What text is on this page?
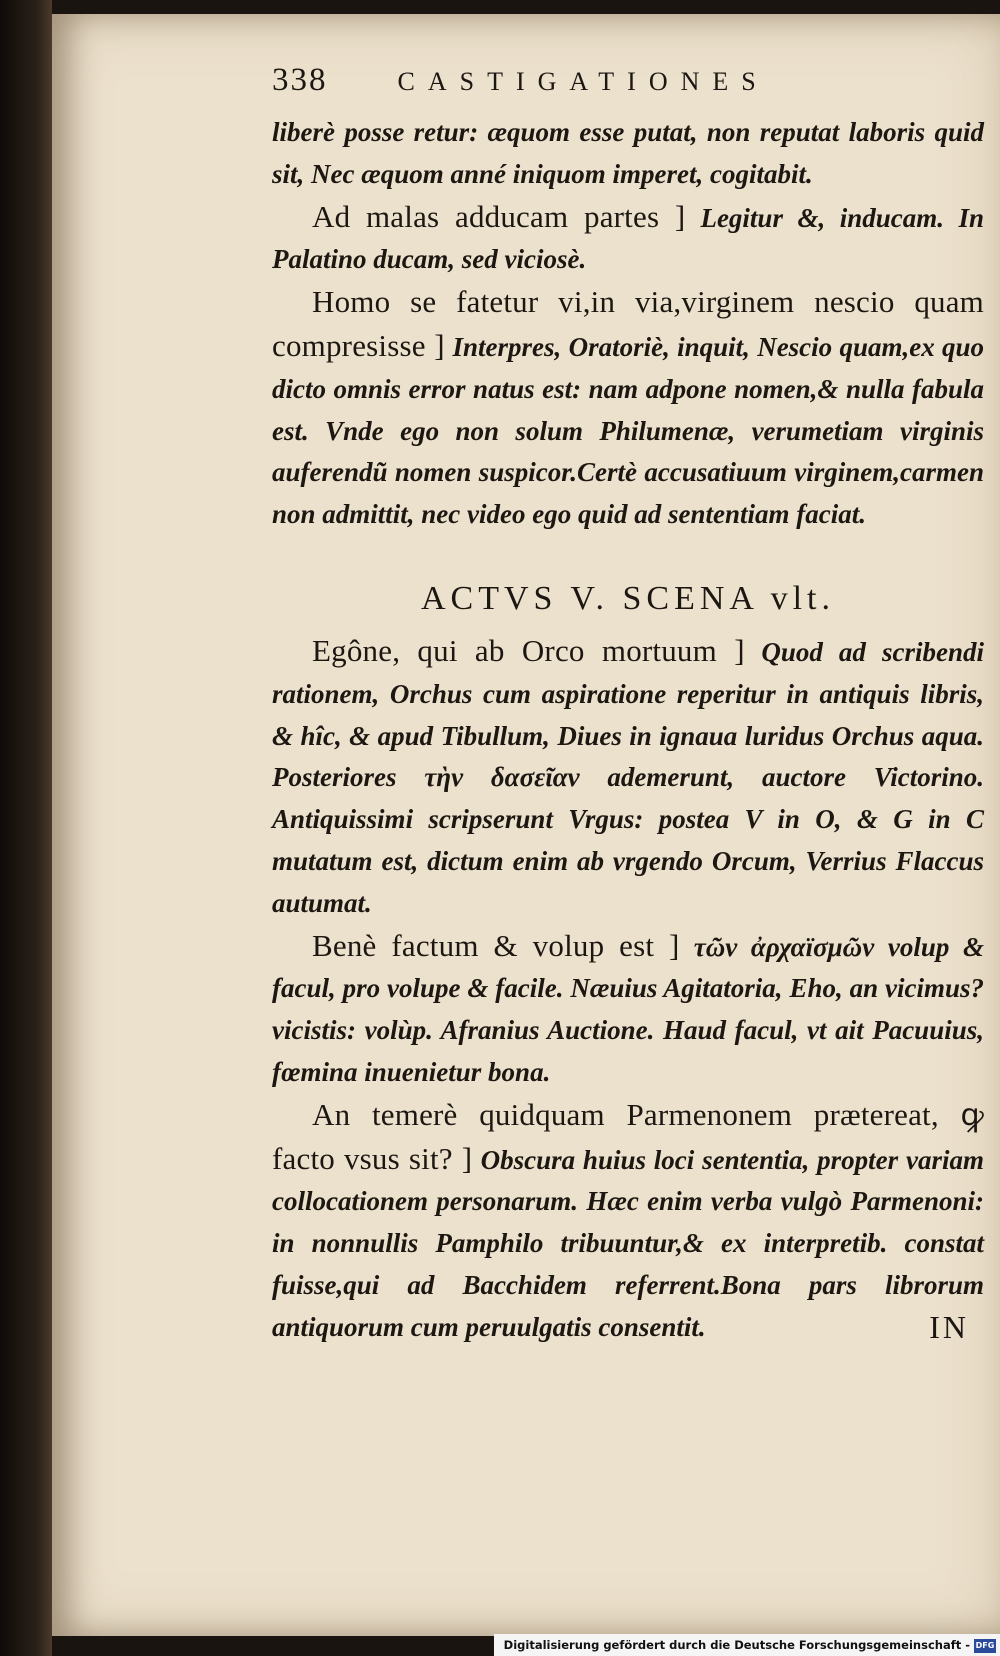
338	CASTIGATIONES

liberè posse retur: æquom esse putat, non reputat laboris quid sit, Nec æquom anné iniquom imperet, cogitabit.

Ad malas adducam partes ] Legitur &, inducam. In Palatino ducam, sed viciosè.

Homo se fatetur vi,in via,virginem nescio quam compresisse ] Interpres, Oratoriè, inquit, Nescio quam,ex quo dicto omnis error natus est: nam adpone nomen,& nulla fabula est. Vnde ego non solum Philumenæ, verumetiam virginis auferendũ nomen suspicor.Certè accusatiuum virginem,carmen non admittit, nec video ego quid ad sententiam faciat.

ACTVS V. SCENA vlt.

Egône, qui ab Orco mortuum ] Quod ad scribendi rationem, Orchus cum aspiratione reperitur in antiquis libris, & hîc, & apud Tibullum, Diues in ignaua luridus Orchus aqua. Posteriores τὴν δασεῖαν ademerunt, auctore Victorino. Antiquissimi scripserunt Vrgus: postea V in O, & G in C mutatum est, dictum enim ab vrgendo Orcum, Verrius Flaccus autumat.

Benè factum & volup est ] τῶν ἀρχαϊσμῶν volup & facul, pro volupe & facile. Næuius Agitatoria, Eho, an vicimus? vicistis: volùp. Afranius Auctione. Haud facul, vt ait Pacuuius, fœmina inuenietur bona.

An temerè quidquam Parmenonem prætereat, ꝙ facto vsus sit? ] Obscura huius loci sententia, propter variam collocationem personarum. Hæc enim verba vulgò Parmenoni: in nonnullis Pamphilo tribuuntur,& ex interpretib. constat fuisse,qui ad Bacchidem referrent.Bona pars librorum antiquorum cum peruulgatis consentit.	IN

Digitalisierung gefördert durch die Deutsche Forschungsgemeinschaft - DFG
